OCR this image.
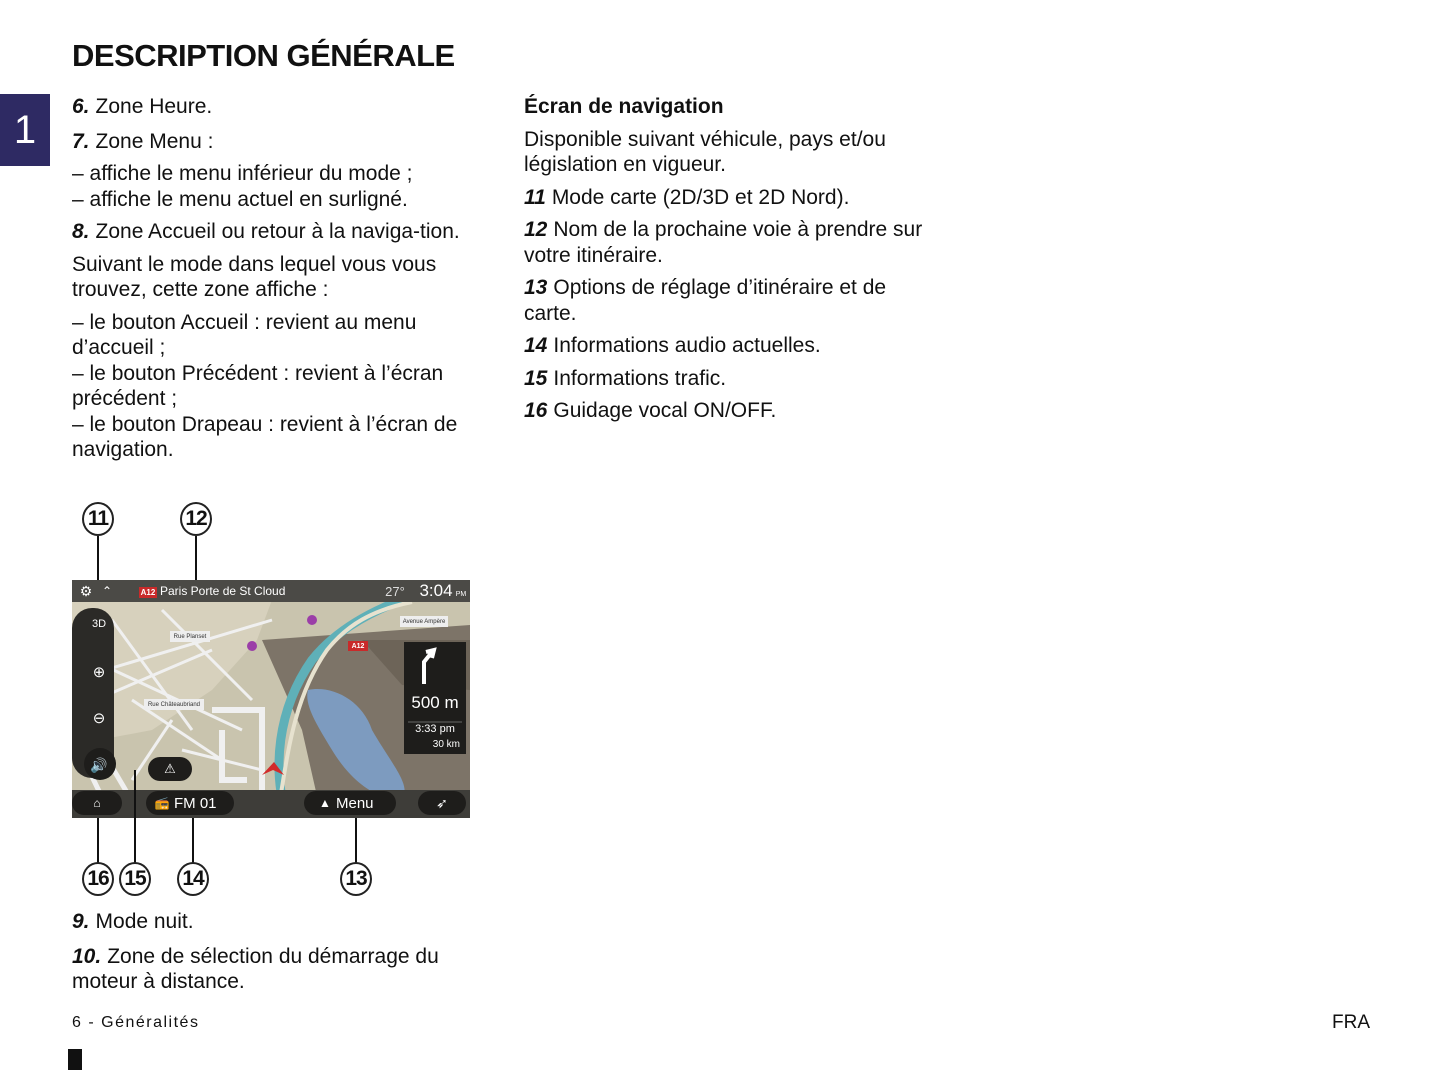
DESCRIPTION GÉNÉRALE
1

6. Zone Heure.

7. Zone Menu :

– affiche le menu inférieur du mode ;

– affiche le menu actuel en surligné.

8. Zone Accueil ou retour à la naviga-tion.

Suivant le mode dans lequel vous vous trouvez, cette zone affiche :

– le bouton Accueil : revient au menu d’accueil ;

– le bouton Précédent : revient à l’écran précédent ;

– le bouton Drapeau : revient à l’écran de navigation.

11	12
⚙ ⌃	A12 Paris Porte de St Cloud	27° 3:04 PM
3D
⊕
⊖
🔊	⚠
A12
Avenue Ampère
Rue Planset
Rue Châteaubriand	500 m
3:33 pm
30 km
⌂	📻 FM 01	▲ Menu	➶
16 15 14	13

9. Mode nuit.

10. Zone de sélection du démarrage du moteur à distance.

Écran de navigation

Disponible suivant véhicule, pays et/ou législation en vigueur.

11 Mode carte (2D/3D et 2D Nord).

12 Nom de la prochaine voie à prendre sur votre itinéraire.

13 Options de réglage d’itinéraire et de carte.

14 Informations audio actuelles.

15 Informations trafic.

16 Guidage vocal ON/OFF.

6 - Généralités	FRA
